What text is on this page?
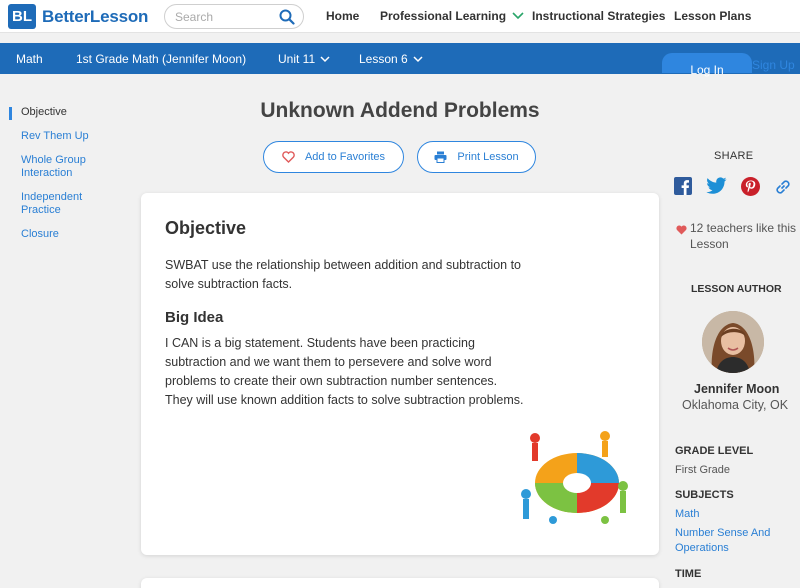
BL BetterLesson
Search	Home Professional Learning Instructional Strategies Lesson Plans
Math	1st Grade Math (Jennifer Moon)	Unit 11	Lesson 6
Log In Sign Up
Objective
Rev Them Up
Whole Group Interaction
Independent Practice
Closure
Unknown Addend Problems
Add to Favorites	Print Lesson
Objective

SWBAT use the relationship between addition and subtraction to solve subtraction facts.

Big Idea

I CAN is a big statement. Students have been practicing subtraction and we want them to persevere and solve word problems to create their own subtraction number sentences. They will use known addition facts to solve subtraction problems.

SHARE
12 teachers like this Lesson
LESSON AUTHOR
Jennifer Moon
Oklahoma City, OK
GRADE LEVEL
First Grade
SUBJECTS
Math
Number Sense And Operations
TIME
